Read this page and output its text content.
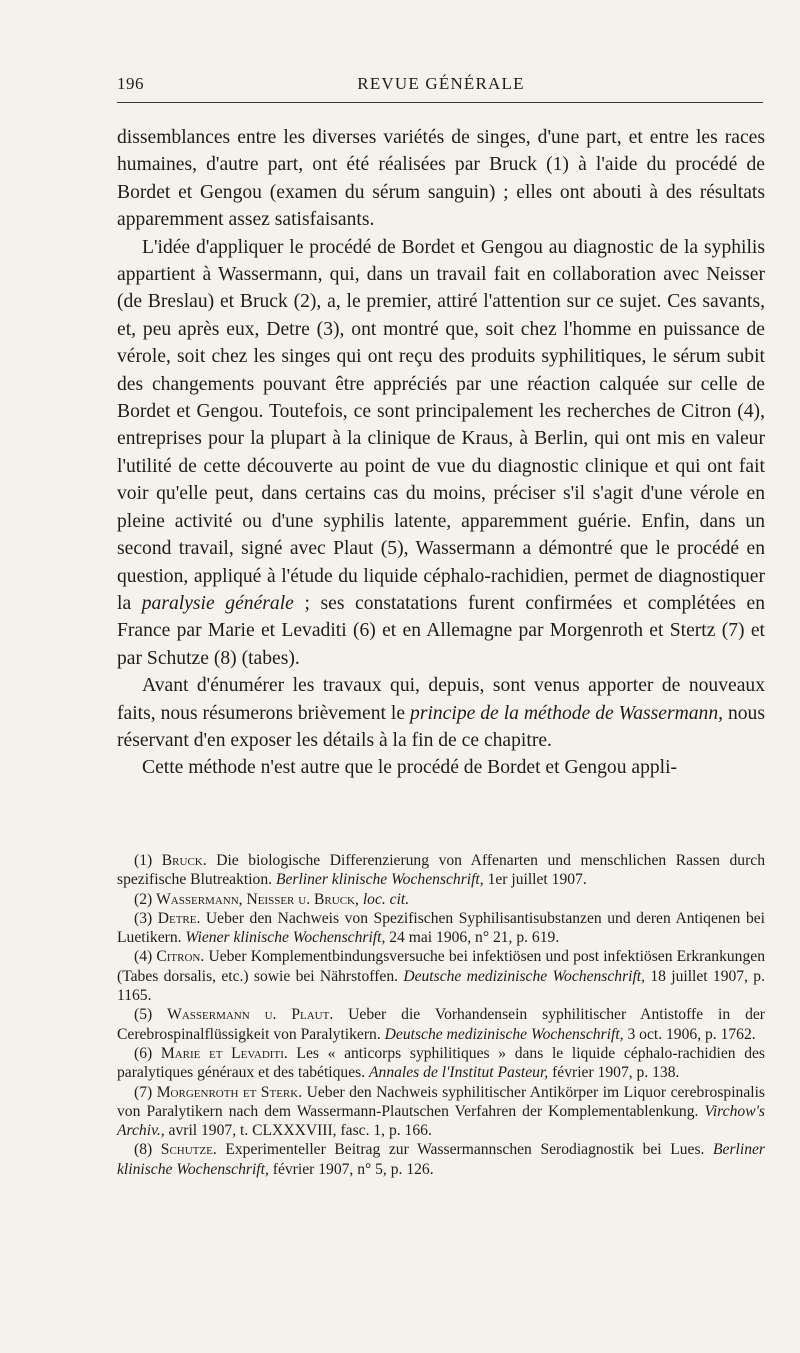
196	REVUE GÉNÉRALE

dissemblances entre les diverses variétés de singes, d'une part, et entre les races humaines, d'autre part, ont été réalisées par Bruck (1) à l'aide du procédé de Bordet et Gengou (examen du sérum sanguin) ; elles ont abouti à des résultats apparemment assez satisfaisants.

L'idée d'appliquer le procédé de Bordet et Gengou au diagnostic de la syphilis appartient à Wassermann, qui, dans un travail fait en collaboration avec Neisser (de Breslau) et Bruck (2), a, le premier, attiré l'attention sur ce sujet. Ces savants, et, peu après eux, Detre (3), ont montré que, soit chez l'homme en puissance de vérole, soit chez les singes qui ont reçu des produits syphilitiques, le sérum subit des changements pouvant être appréciés par une réaction calquée sur celle de Bordet et Gengou. Toutefois, ce sont principalement les recherches de Citron (4), entreprises pour la plupart à la clinique de Kraus, à Berlin, qui ont mis en valeur l'utilité de cette découverte au point de vue du diagnostic clinique et qui ont fait voir qu'elle peut, dans certains cas du moins, préciser s'il s'agit d'une vérole en pleine activité ou d'une syphilis latente, apparemment guérie. Enfin, dans un second travail, signé avec Plaut (5), Wassermann a démontré que le procédé en question, appliqué à l'étude du liquide céphalo-rachidien, permet de diagnostiquer la paralysie générale ; ses constatations furent confirmées et complétées en France par Marie et Levaditi (6) et en Allemagne par Morgenroth et Stertz (7) et par Schutze (8) (tabes).

Avant d'énumérer les travaux qui, depuis, sont venus apporter de nouveaux faits, nous résumerons brièvement le principe de la méthode de Wassermann, nous réservant d'en exposer les détails à la fin de ce chapitre.

Cette méthode n'est autre que le procédé de Bordet et Gengou appli-

(1) Bruck. Die biologische Differenzierung von Affenarten und menschlichen Rassen durch spezifische Blutreaktion. Berliner klinische Wochenschrift, 1er juillet 1907.

(2) Wassermann, Neisser u. Bruck, loc. cit.

(3) Detre. Ueber den Nachweis von Spezifischen Syphilisantisubstanzen und deren Antiqenen bei Luetikern. Wiener klinische Wochenschrift, 24 mai 1906, n° 21, p. 619.

(4) Citron. Ueber Komplementbindungsversuche bei infektiösen und post infektiösen Erkrankungen (Tabes dorsalis, etc.) sowie bei Nährstoffen. Deutsche medizinische Wochenschrift, 18 juillet 1907, p. 1165.

(5) Wassermann u. Plaut. Ueber die Vorhandensein syphilitischer Antistoffe in der Cerebrospinalflüssigkeit von Paralytikern. Deutsche medizinische Wochenschrift, 3 oct. 1906, p. 1762.

(6) Marie et Levaditi. Les « anticorps syphilitiques » dans le liquide céphalo-rachidien des paralytiques généraux et des tabétiques. Annales de l'Institut Pasteur, février 1907, p. 138.

(7) Morgenroth et Sterk. Ueber den Nachweis syphilitischer Antikörper im Liquor cerebrospinalis von Paralytikern nach dem Wassermann-Plautschen Verfahren der Komplementablenkung. Virchow's Archiv., avril 1907, t. CLXXXVIII, fasc. 1, p. 166.

(8) Schutze. Experimenteller Beitrag zur Wassermannschen Serodiagnostik bei Lues. Berliner klinische Wochenschrift, février 1907, n° 5, p. 126.
